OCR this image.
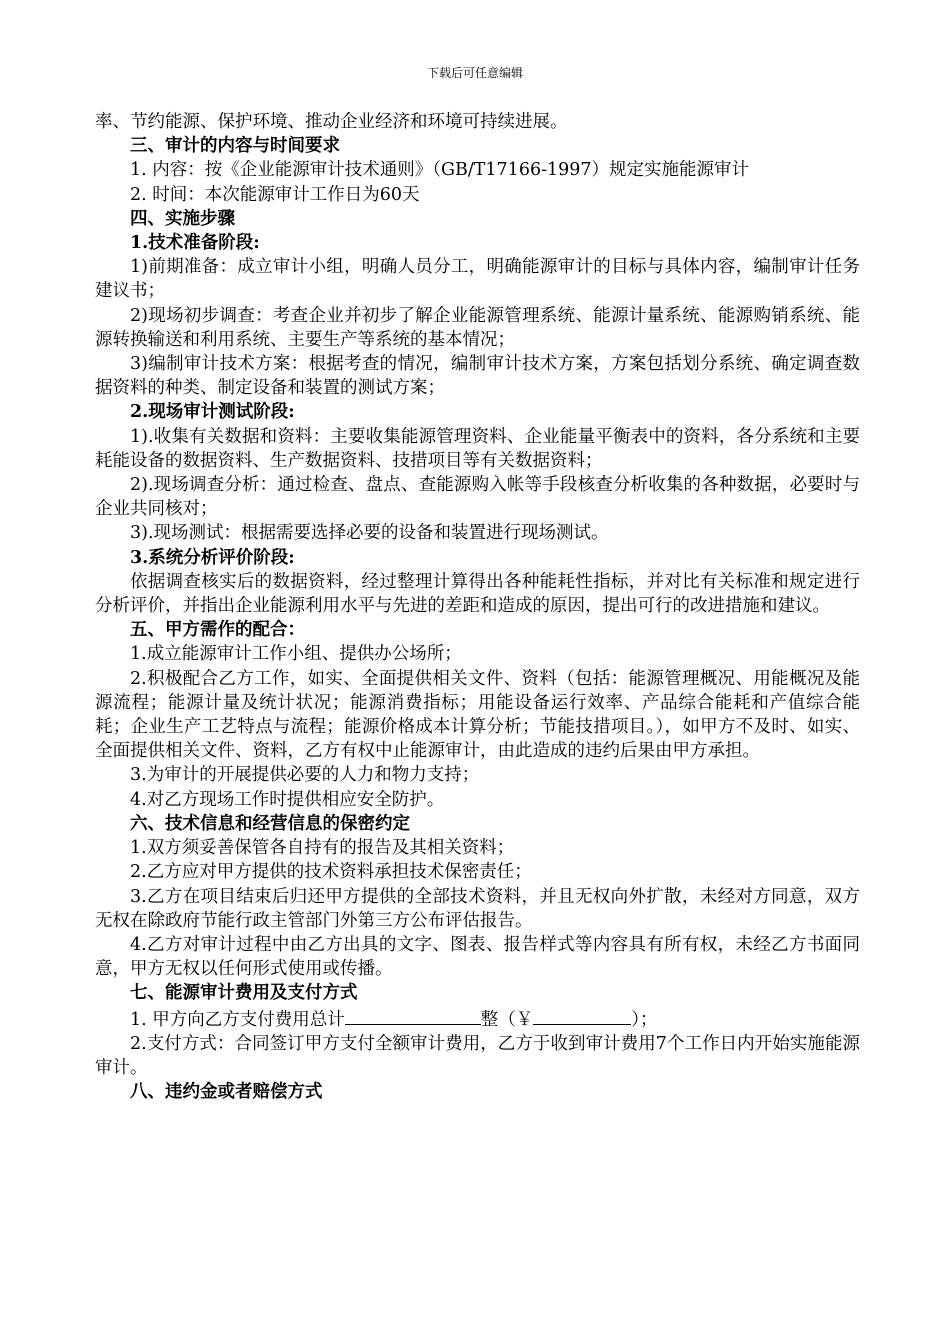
下载后可任意编辑

率、节约能源、保护环境、推动企业经济和环境可持续进展。

三、审计的内容与时间要求

1. 内容：按《企业能源审计技术通则》（GB/T17166-1997）规定实施能源审计

2. 时间：本次能源审计工作日为60天

四、实施步骤

1.技术准备阶段:

1)前期准备：成立审计小组，明确人员分工，明确能源审计的目标与具体内容，编制审计任务建议书；

2)现场初步调查：考查企业并初步了解企业能源管理系统、能源计量系统、能源购销系统、能源转换输送和利用系统、主要生产等系统的基本情况；

3)编制审计技术方案：根据考查的情况，编制审计技术方案，方案包括划分系统、确定调查数据资料的种类、制定设备和装置的测试方案；

2.现场审计测试阶段:

1).收集有关数据和资料：主要收集能源管理资料、企业能量平衡表中的资料，各分系统和主要耗能设备的数据资料、生产数据资料、技措项目等有关数据资料；

2).现场调查分析：通过检查、盘点、查能源购入帐等手段核查分析收集的各种数据，必要时与企业共同核对；

3).现场测试：根据需要选择必要的设备和装置进行现场测试。

3.系统分析评价阶段:

依据调查核实后的数据资料，经过整理计算得出各种能耗性指标，并对比有关标准和规定进行分析评价，并指出企业能源利用水平与先进的差距和造成的原因，提出可行的改进措施和建议。

五、甲方需作的配合：

1.成立能源审计工作小组、提供办公场所；

2.积极配合乙方工作，如实、全面提供相关文件、资料（包括：能源管理概况、用能概况及能源流程；能源计量及统计状况；能源消费指标；用能设备运行效率、产品综合能耗和产值综合能耗；企业生产工艺特点与流程；能源价格成本计算分析；节能技措项目。），如甲方不及时、如实、全面提供相关文件、资料，乙方有权中止能源审计，由此造成的违约后果由甲方承担。

3.为审计的开展提供必要的人力和物力支持；

4.对乙方现场工作时提供相应安全防护。

六、技术信息和经营信息的保密约定

1.双方须妥善保管各自持有的报告及其相关资料；

2.乙方应对甲方提供的技术资料承担技术保密责任；

3.乙方在项目结束后归还甲方提供的全部技术资料，并且无权向外扩散，未经对方同意，双方无权在除政府节能行政主管部门外第三方公布评估报告。

4.乙方对审计过程中由乙方出具的文字、图表、报告样式等内容具有所有权，未经乙方书面同意，甲方无权以任何形式使用或传播。

七、能源审计费用及支付方式

1. 甲方向乙方支付费用总计	整（￥	）；

2.支付方式：合同签订甲方支付全额审计费用，乙方于收到审计费用7个工作日内开始实施能源审计。

八、违约金或者赔偿方式
